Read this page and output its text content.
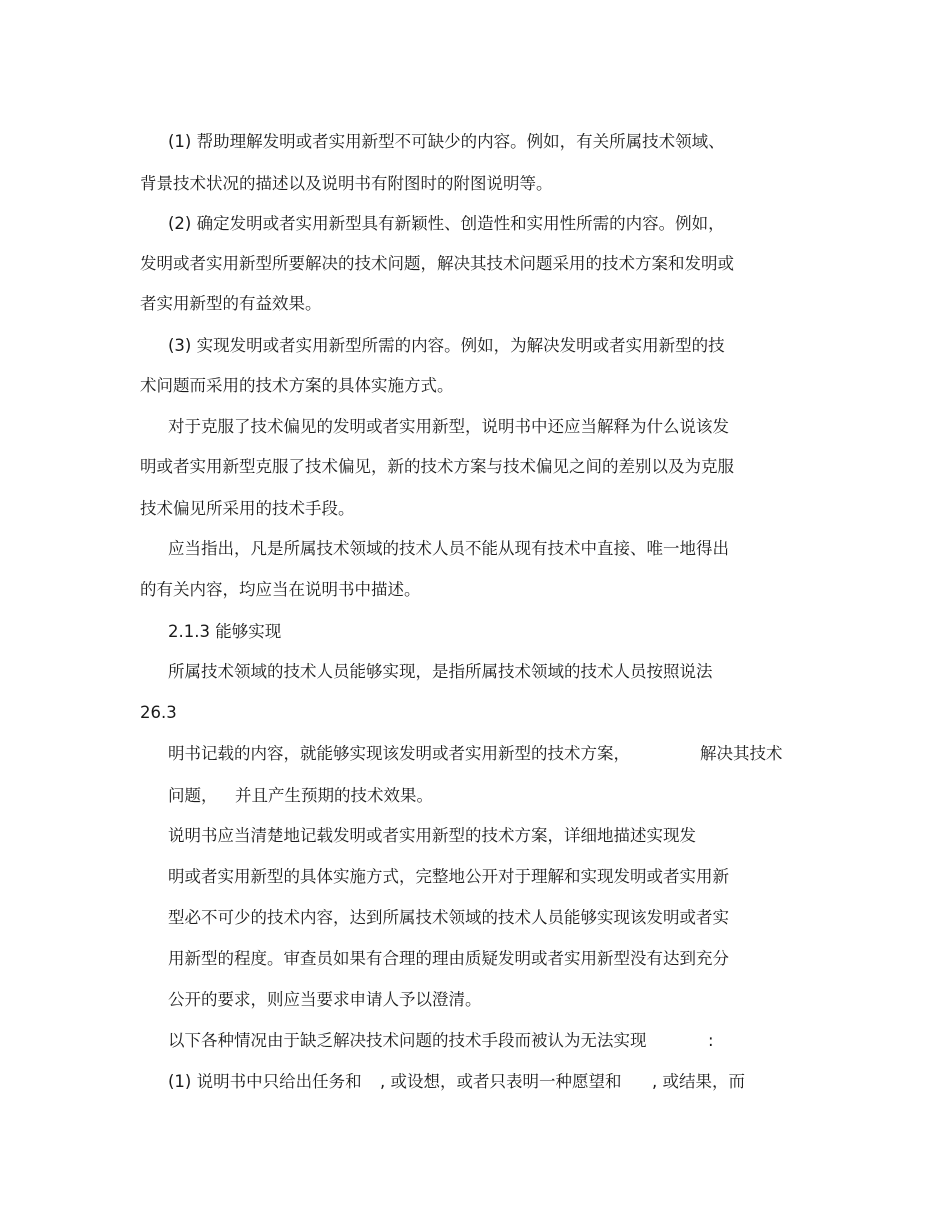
(1) 帮助理解发明或者实用新型不可缺少的内容。例如，有关所属技术领域、
背景技术状况的描述以及说明书有附图时的附图说明等。
(2) 确定发明或者实用新型具有新颖性、创造性和实用性所需的内容。例如，
发明或者实用新型所要解决的技术问题，解决其技术问题采用的技术方案和发明或
者实用新型的有益效果。
(3) 实现发明或者实用新型所需的内容。例如，为解决发明或者实用新型的技
术问题而采用的技术方案的具体实施方式。
对于克服了技术偏见的发明或者实用新型，说明书中还应当解释为什么说该发
明或者实用新型克服了技术偏见，新的技术方案与技术偏见之间的差别以及为克服
技术偏见所采用的技术手段。
应当指出，凡是所属技术领域的技术人员不能从现有技术中直接、唯一地得出
的有关内容，均应当在说明书中描述。
2.1.3 能够实现
所属技术领域的技术人员能够实现，是指所属技术领域的技术人员按照说法
26.3
明书记载的内容，就能够实现该发明或者实用新型的技术方案，	解决其技术
问题， 并且产生预期的技术效果。
说明书应当清楚地记载发明或者实用新型的技术方案，详细地描述实现发
明或者实用新型的具体实施方式，完整地公开对于理解和实现发明或者实用新
型必不可少的技术内容，达到所属技术领域的技术人员能够实现该发明或者实
用新型的程度。审查员如果有合理的理由质疑发明或者实用新型没有达到充分
公开的要求，则应当要求申请人予以澄清。
以下各种情况由于缺乏解决技术问题的技术手段而被认为无法实现	:
(1) 说明书中只给出任务和 , 或设想，或者只表明一种愿望和 , 或结果，而
